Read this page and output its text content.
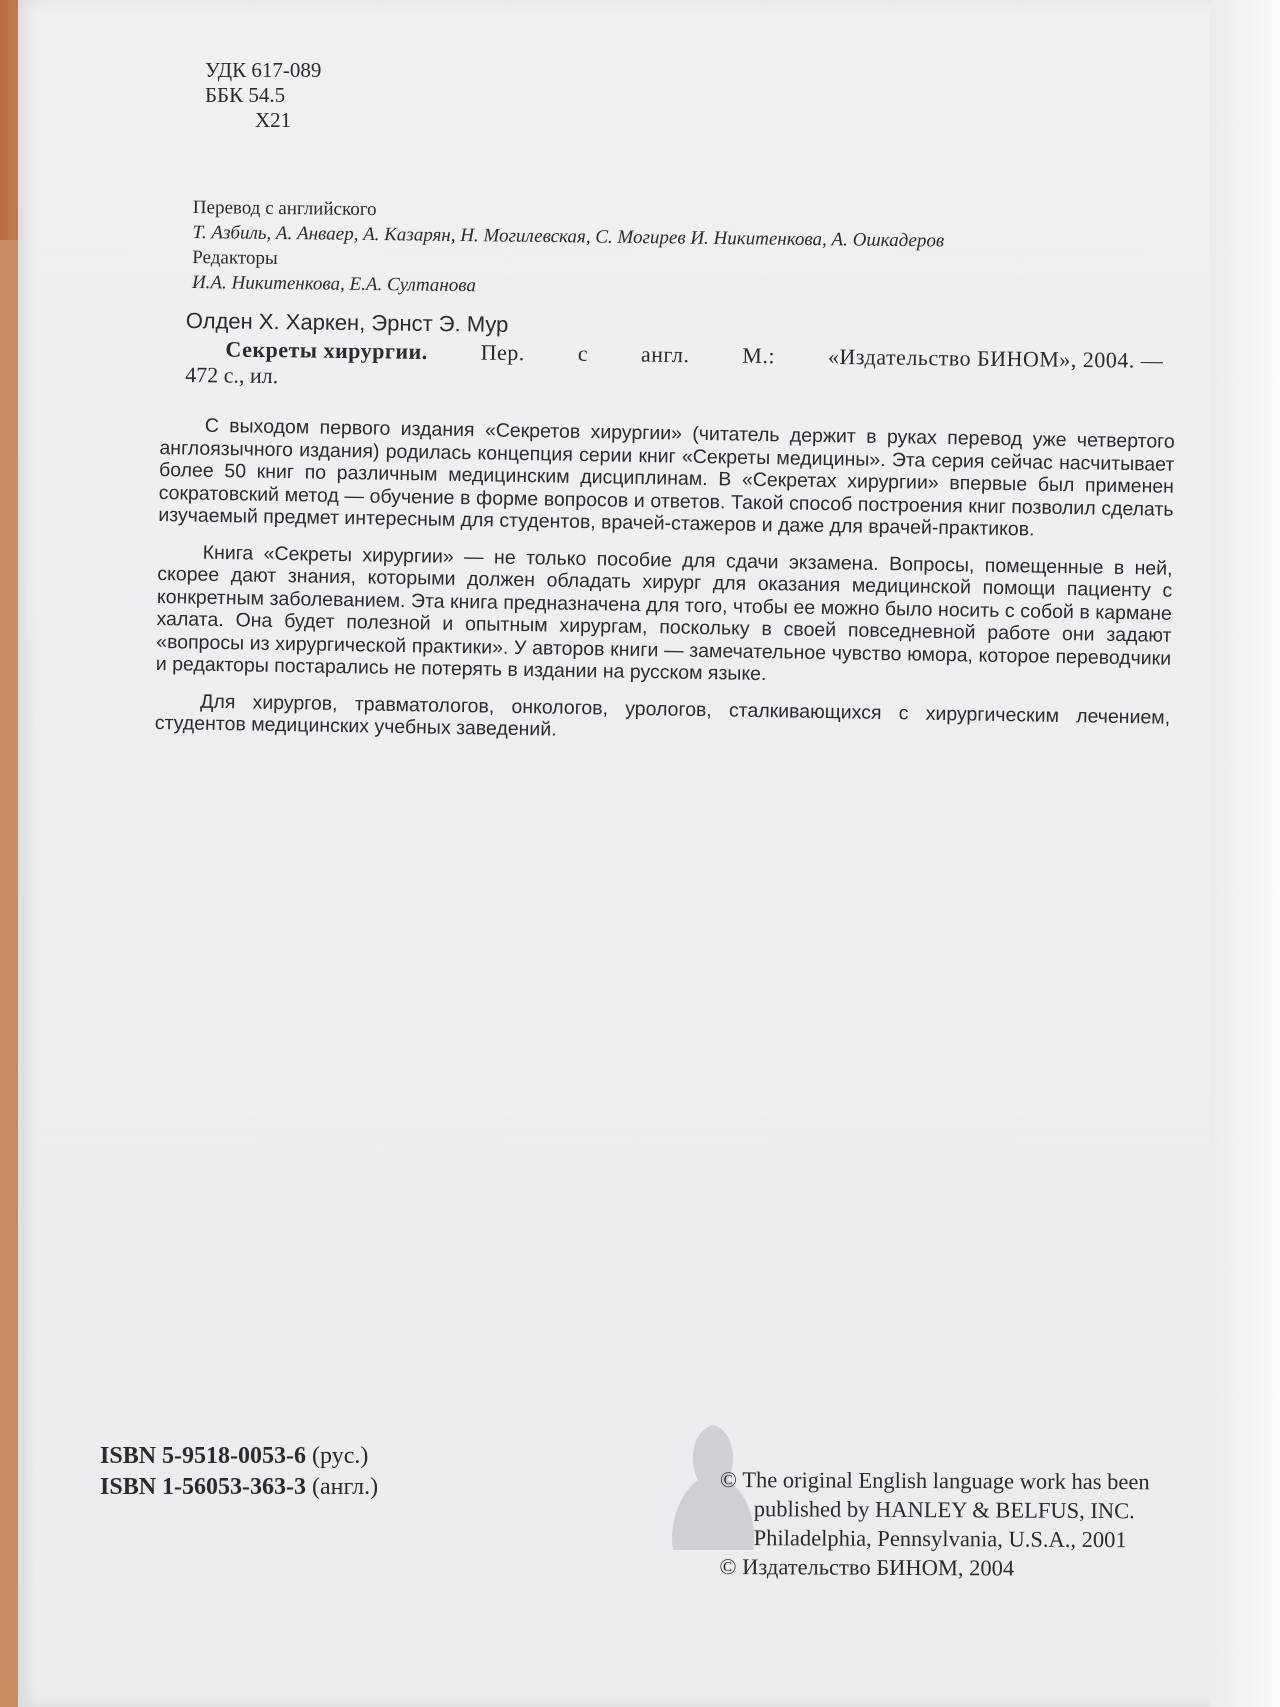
УДК 617-089
ББК 54.5
Х21
Перевод с английского
Т. Азбиль, А. Анваер, А. Казарян, Н. Могилевская, С. Могирев И. Никитенкова, А. Ошкадеров
Редакторы
И.А. Никитенкова, Е.А. Султанова
Олден Х. Харкен, Эрнст Э. Мур
Секреты хирургии. Пер. с англ. М.: «Издательство БИНОМ», 2004. —
472 с., ил.

С выходом первого издания «Секретов хирургии» (читатель держит в руках перевод уже четвертого англоязычного издания) родилась концепция серии книг «Секреты медицины». Эта серия сейчас насчитывает более 50 книг по различным медицинским дисциплинам. В «Секретах хирургии» впервые был применен сократовский метод — обучение в форме вопросов и ответов. Такой способ построения книг позволил сделать изучаемый предмет интересным для студентов, врачей-стажеров и даже для врачей-практиков.

Книга «Секреты хирургии» — не только пособие для сдачи экзамена. Вопросы, помещенные в ней, скорее дают знания, которыми должен обладать хирург для оказания медицинской помощи пациенту с конкретным заболеванием. Эта книга предназначена для того, чтобы ее можно было носить с собой в кармане халата. Она будет полезной и опытным хирургам, поскольку в своей повседневной работе они задают «вопросы из хирургической практики». У авторов книги — замечательное чувство юмора, которое переводчики и редакторы постарались не потерять в издании на русском языке.

Для хирургов, травматологов, онкологов, урологов, сталкивающихся с хирургическим лечением, студентов медицинских учебных заведений.

ISBN 5-9518-0053-6 (рус.)
ISBN 1-56053-363-3 (англ.)	© The original English language work has been
published by HANLEY & BELFUS, INC.
Philadelphia, Pennsylvania, U.S.A., 2001
© Издательство БИНОМ, 2004
